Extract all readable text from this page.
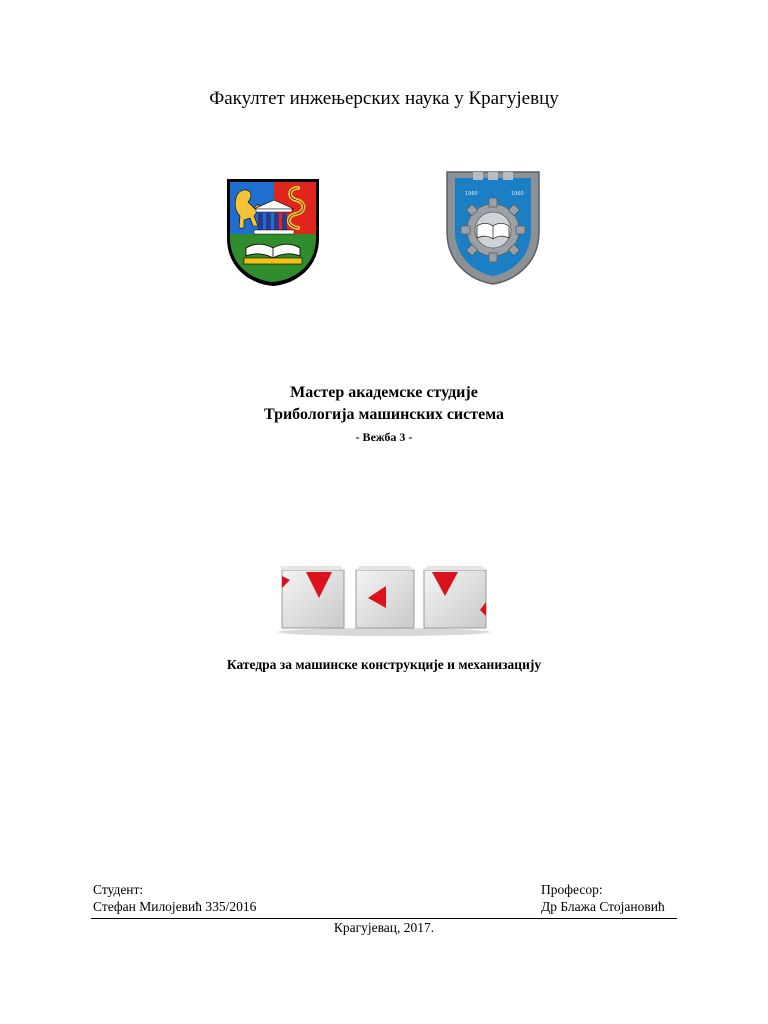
Факултет инжењерских наука у Крагујевцу
1960	1960
Мастер академске студије
Трибологија машинских система
- Вежба 3 -
Катедра за машинске конструкције и механизацију
Студент:
Стефан Милојевић 335/2016
Професор:
Др Блажа Стојановић
Крагујевац, 2017.
